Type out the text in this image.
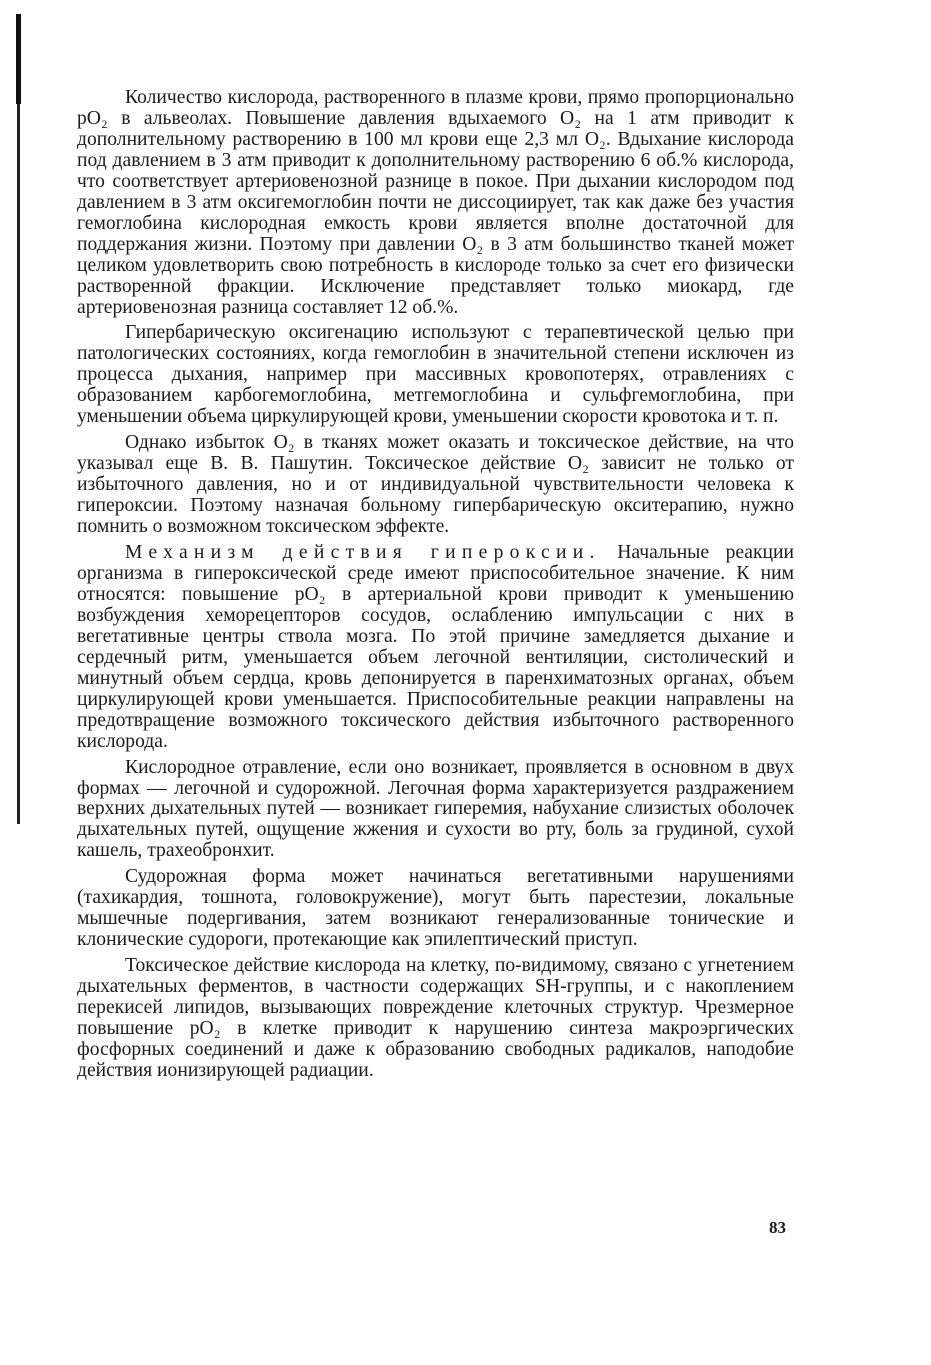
Количество кислорода, растворенного в плазме крови, прямо пропорционально рО₂ в альвеолах. Повышение давления вдыхаемого О₂ на 1 атм приводит к дополнительному растворению в 100 мл крови еще 2,3 мл О₂. Вдыхание кислорода под давлением в 3 атм приводит к дополнительному растворению 6 об.% кислорода, что соответствует артериовенозной разнице в покое. При дыхании кислородом под давлением в 3 атм оксигемоглобин почти не диссоциирует, так как даже без участия гемоглобина кислородная емкость крови является вполне достаточной для поддержания жизни. Поэтому при давлении О₂ в 3 атм большинство тканей может целиком удовлетворить свою потребность в кислороде только за счет его физически растворенной фракции. Исключение представляет только миокард, где артериовенозная разница составляет 12 об.%.

Гипербарическую оксигенацию используют с терапевтической целью при патологических состояниях, когда гемоглобин в значительной степени исключен из процесса дыхания, например при массивных кровопотерях, отравлениях с образованием карбогемоглобина, метгемоглобина и сульфгемоглобина, при уменьшении объема циркулирующей крови, уменьшении скорости кровотока и т. п.

Однако избыток О₂ в тканях может оказать и токсическое действие, на что указывал еще В. В. Пашутин. Токсическое действие О₂ зависит не только от избыточного давления, но и от индивидуальной чувствительности человека к гипероксии. Поэтому назначая больному гипербарическую окситерапию, нужно помнить о возможном токсическом эффекте.

Механизм действия гипероксии. Начальные реакции организма в гипероксической среде имеют приспособительное значение. К ним относятся: повышение рО₂ в артериальной крови приводит к уменьшению возбуждения хеморецепторов сосудов, ослаблению импульсации с них в вегетативные центры ствола мозга. По этой причине замедляется дыхание и сердечный ритм, уменьшается объем легочной вентиляции, систолический и минутный объем сердца, кровь депонируется в паренхиматозных органах, объем циркулирующей крови уменьшается. Приспособительные реакции направлены на предотвращение возможного токсического действия избыточного растворенного кислорода.

Кислородное отравление, если оно возникает, проявляется в основном в двух формах — легочной и судорожной. Легочная форма характеризуется раздражением верхних дыхательных путей — возникает гиперемия, набухание слизистых оболочек дыхательных путей, ощущение жжения и сухости во рту, боль за грудиной, сухой кашель, трахеобронхит.

Судорожная форма может начинаться вегетативными нарушениями (тахикардия, тошнота, головокружение), могут быть парестезии, локальные мышечные подергивания, затем возникают генерализованные тонические и клонические судороги, протекающие как эпилептический приступ.

Токсическое действие кислорода на клетку, по-видимому, связано с угнетением дыхательных ферментов, в частности содержащих SH-группы, и с накоплением перекисей липидов, вызывающих повреждение клеточных структур. Чрезмерное повышение рО₂ в клетке приводит к нарушению синтеза макроэргических фосфорных соединений и даже к образованию свободных радикалов, наподобие действия ионизирующей радиации.

83
